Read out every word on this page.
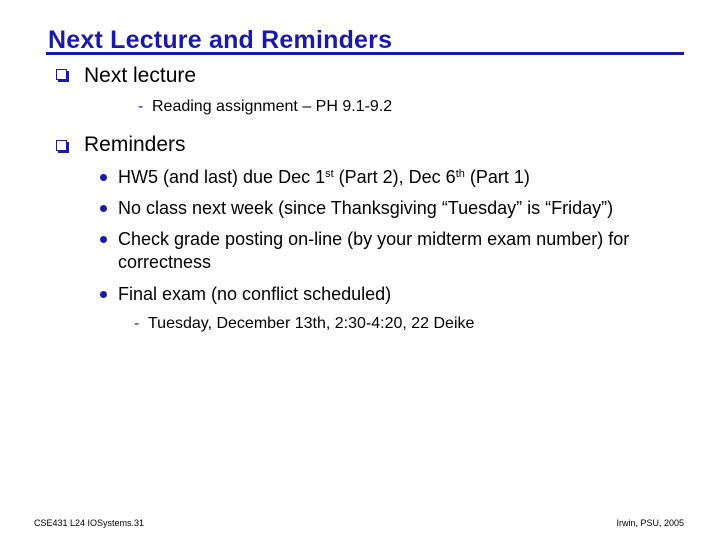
Next Lecture and Reminders
Next lecture
- Reading assignment – PH 9.1-9.2
Reminders
HW5 (and last) due Dec 1st (Part 2), Dec 6th (Part 1)
No class next week (since Thanksgiving “Tuesday” is “Friday”)
Check grade posting on-line (by your midterm exam number) for correctness
Final exam (no conflict scheduled)
- Tuesday, December 13th, 2:30-4:20, 22 Deike
CSE431 L24 IOSystems.31	Irwin, PSU, 2005
